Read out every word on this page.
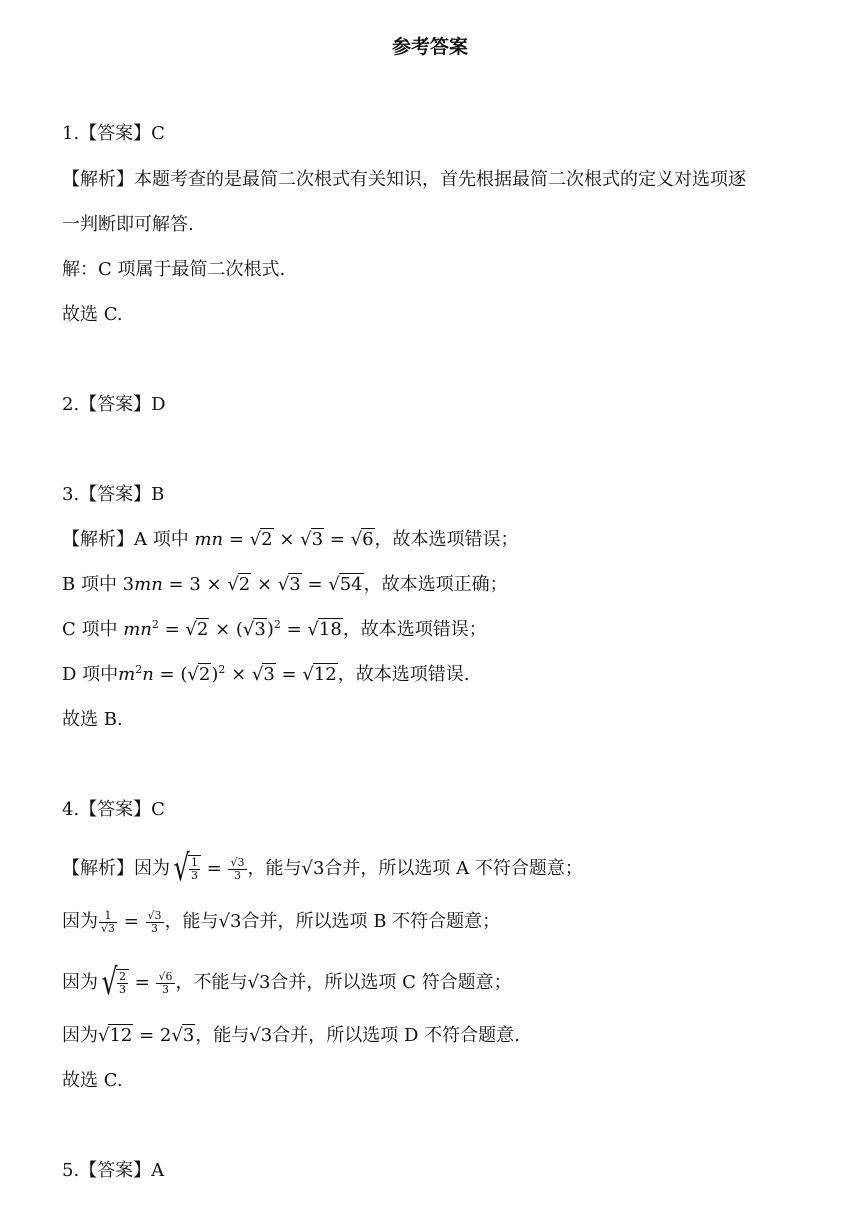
参考答案
1.【答案】C
【解析】本题考查的是最简二次根式有关知识，首先根据最简二次根式的定义对选项逐
一判断即可解答.
解：C 项属于最简二次根式.
故选 C.
2.【答案】D
3.【答案】B
【解析】A 项中 mn = √2 × √3 = √6，故本选项错误；
B 项中 3mn = 3 × √2 × √3 = √54，故本选项正确；
C 项中 $mn^2 = √2 \times (√3)^2 = √18$，故本选项错误；
D 项中$m^2n = (√2)^2 \times √3 = √12$，故本选项错误.
故选 B.
4.【答案】C
【解析】因为√ $\frac{1}{3} = \frac{√3}{3}$ ，能与√3合并，所以选项 A 不符合题意；
因为 $\frac{1}{√3} = \frac{√3}{3}$ ，能与√3合并，所以选项 B 不符合题意；
因为√ $\frac{2}{3} = \frac{√6}{3}$ ，不能与√3合并，所以选项 C 符合题意；
因为√12 = 2√3，能与√3合并，所以选项 D 不符合题意.
故选 C.
5.【答案】A
